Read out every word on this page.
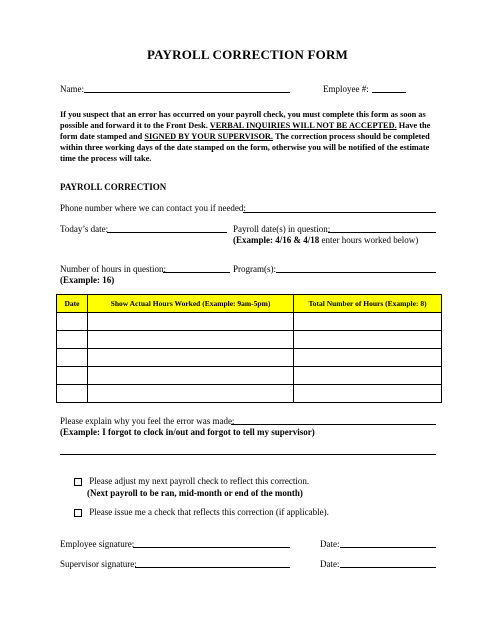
PAYROLL CORRECTION FORM
Name:	Employee #:
If you suspect that an error has occurred on your payroll check, you must complete this form as soon as possible and forward it to the Front Desk. VERBAL INQUIRIES WILL NOT BE ACCEPTED. Have the form date stamped and SIGNED BY YOUR SUPERVISOR. The correction process should be completed within three working days of the date stamped on the form, otherwise you will be notified of the estimate time the process will take.
PAYROLL CORRECTION
Phone number where we can contact you if needed:
Today’s date:	Payroll date(s) in question:
(Example: 4/16 & 4/18 enter hours worked below)
Number of hours in question:
(Example: 16)
Program(s):
Date	Show Actual Hours Worked (Example: 9am-5pm)	Total Number of Hours (Example: 8)

Please explain why you feel the error was made:
(Example: I forgot to clock in/out and forgot to tell my supervisor)
Please adjust my next payroll check to reflect this correction.
(Next payroll to be ran, mid-month or end of the month)
Please issue me a check that reflects this correction (if applicable).
Employee signature:	Date:
Supervisor signature:	Date:
